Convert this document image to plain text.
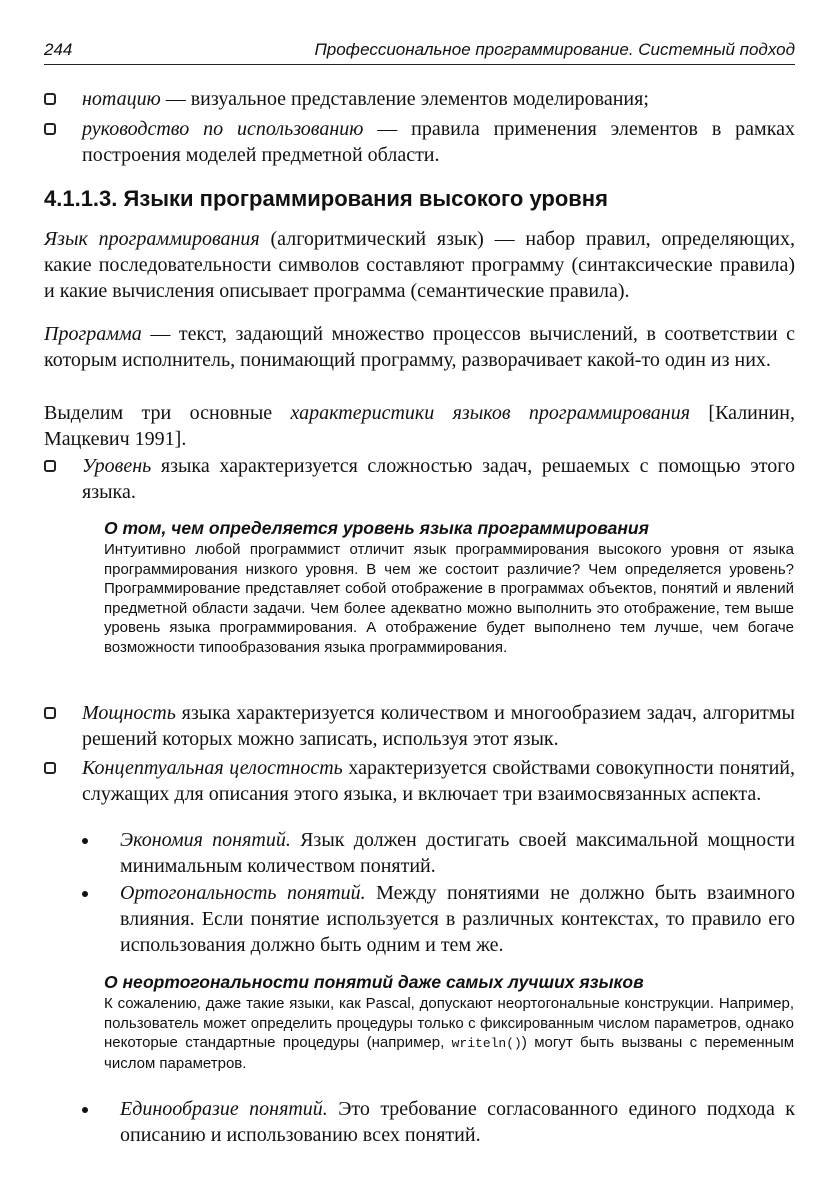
244	Профессиональное программирование. Системный подход
нотацию — визуальное представление элементов моделирования;
руководство по использованию — правила применения элементов в рамках построения моделей предметной области.
4.1.1.3. Языки программирования высокого уровня
Язык программирования (алгоритмический язык) — набор правил, определяющих, какие последовательности символов составляют программу (синтаксические правила) и какие вычисления описывает программа (семантические правила).
Программа — текст, задающий множество процессов вычислений, в соответствии с которым исполнитель, понимающий программу, разворачивает какой-то один из них.
Выделим три основные характеристики языков программирования [Калинин, Мацкевич 1991].
Уровень языка характеризуется сложностью задач, решаемых с помощью этого языка.
О том, чем определяется уровень языка программирования
Интуитивно любой программист отличит язык программирования высокого уровня от языка программирования низкого уровня. В чем же состоит различие? Чем определяется уровень? Программирование представляет собой отображение в программах объектов, понятий и явлений предметной области задачи. Чем более адекватно можно выполнить это отображение, тем выше уровень языка программирования. А отображение будет выполнено тем лучше, чем богаче возможности типообразования языка программирования.
Мощность языка характеризуется количеством и многообразием задач, алгоритмы решений которых можно записать, используя этот язык.
Концептуальная целостность характеризуется свойствами совокупности понятий, служащих для описания этого языка, и включает три взаимосвязанных аспекта.
Экономия понятий. Язык должен достигать своей максимальной мощности минимальным количеством понятий.
Ортогональность понятий. Между понятиями не должно быть взаимного влияния. Если понятие используется в различных контекстах, то правило его использования должно быть одним и тем же.
О неортогональности понятий даже самых лучших языков
К сожалению, даже такие языки, как Pascal, допускают неортогональные конструкции. Например, пользователь может определить процедуры только с фиксированным числом параметров, однако некоторые стандартные процедуры (например, writeln()) могут быть вызваны с переменным числом параметров.
Единообразие понятий. Это требование согласованного единого подхода к описанию и использованию всех понятий.
